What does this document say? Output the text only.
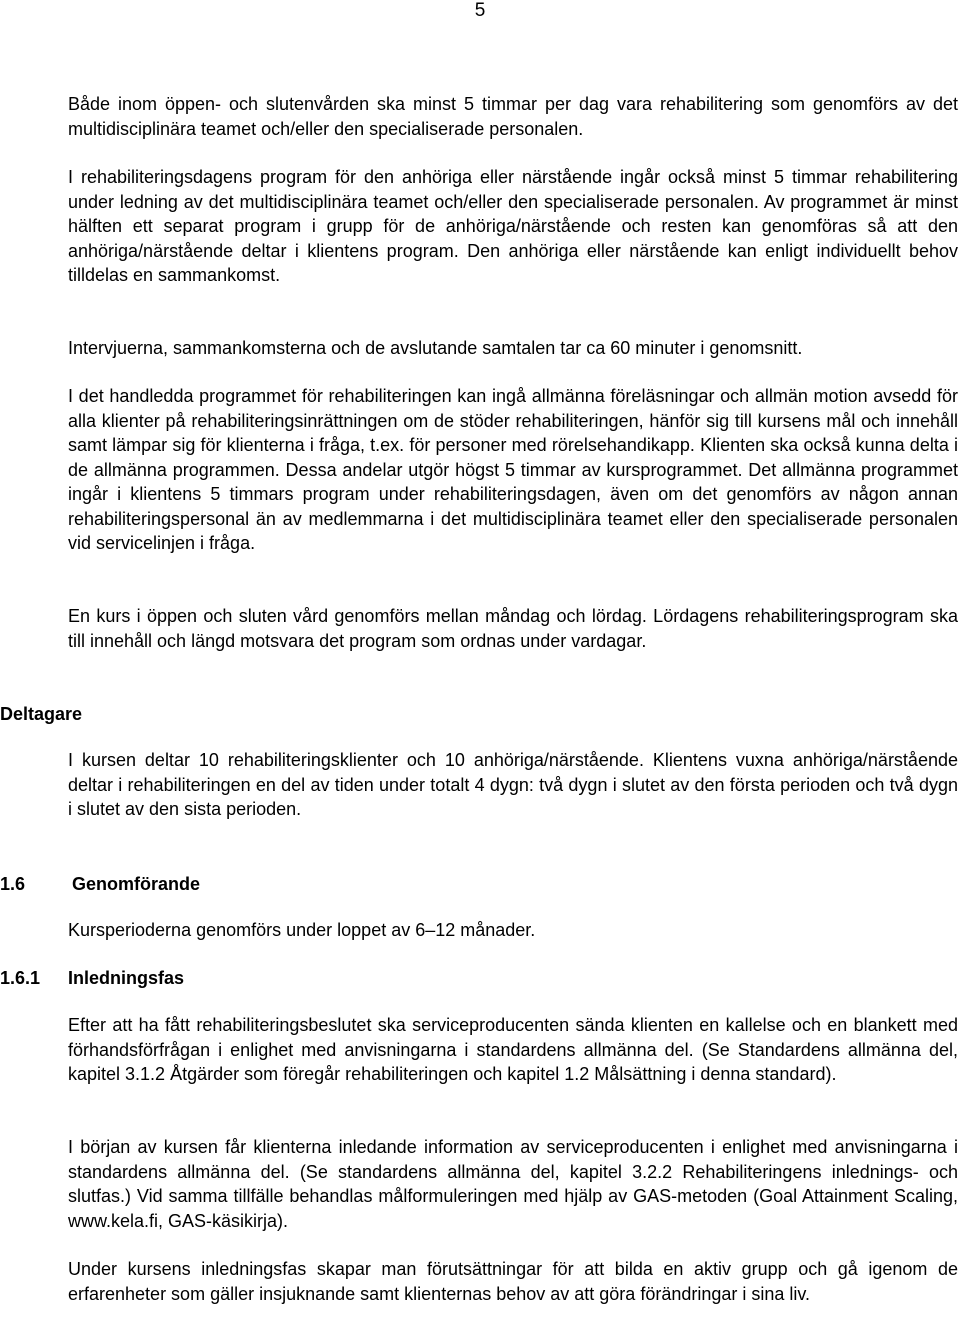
5

Både inom öppen- och slutenvården ska minst 5 timmar per dag vara rehabilitering som genomförs av det multidisciplinära teamet och/eller den specialiserade personalen.

I rehabiliteringsdagens program för den anhöriga eller närstående ingår också minst 5 timmar rehabilitering under ledning av det multidisciplinära teamet och/eller den specialiserade personalen. Av programmet är minst hälften ett separat program i grupp för de anhöriga/närstående och resten kan genomföras så att den anhöriga/närstående deltar i klientens program. Den anhöriga eller närstående kan enligt individuellt behov tilldelas en sammankomst.

Intervjuerna, sammankomsterna och de avslutande samtalen tar ca 60 minuter i genomsnitt.

I det handledda programmet för rehabiliteringen kan ingå allmänna föreläsningar och allmän motion avsedd för alla klienter på rehabiliteringsinrättningen om de stöder rehabiliteringen, hänför sig till kursens mål och innehåll samt lämpar sig för klienterna i fråga, t.ex. för personer med rörelsehandikapp. Klienten ska också kunna delta i de allmänna programmen. Dessa andelar utgör högst 5 timmar av kursprogrammet. Det allmänna programmet ingår i klientens 5 timmars program under rehabiliteringsdagen, även om det genomförs av någon annan rehabiliteringspersonal än av medlemmarna i det multidisciplinära teamet eller den specialiserade personalen vid servicelinjen i fråga.

En kurs i öppen och sluten vård genomförs mellan måndag och lördag. Lördagens rehabiliteringsprogram ska till innehåll och längd motsvara det program som ordnas under vardagar.

Deltagare

I kursen deltar 10 rehabiliteringsklienter och 10 anhöriga/närstående. Klientens vuxna anhöriga/närstående deltar i rehabiliteringen en del av tiden under totalt 4 dygn: två dygn i slutet av den första perioden och två dygn i slutet av den sista perioden.

1.6	Genomförande

Kursperioderna genomförs under loppet av 6–12 månader.

1.6.1	Inledningsfas

Efter att ha fått rehabiliteringsbeslutet ska serviceproducenten sända klienten en kallelse och en blankett med förhandsförfrågan i enlighet med anvisningarna i standardens allmänna del. (Se Standardens allmänna del, kapitel 3.1.2 Åtgärder som föregår rehabiliteringen och kapitel 1.2 Målsättning i denna standard).

I början av kursen får klienterna inledande information av serviceproducenten i enlighet med anvisningarna i standardens allmänna del. (Se standardens allmänna del, kapitel 3.2.2 Rehabiliteringens inlednings- och slutfas.) Vid samma tillfälle behandlas målformuleringen med hjälp av GAS-metoden (Goal Attainment Scaling, www.kela.fi, GAS-käsikirja).

Under kursens inledningsfas skapar man förutsättningar för att bilda en aktiv grupp och gå igenom de erfarenheter som gäller insjuknande samt klienternas behov av att göra förändringar i sina liv.
